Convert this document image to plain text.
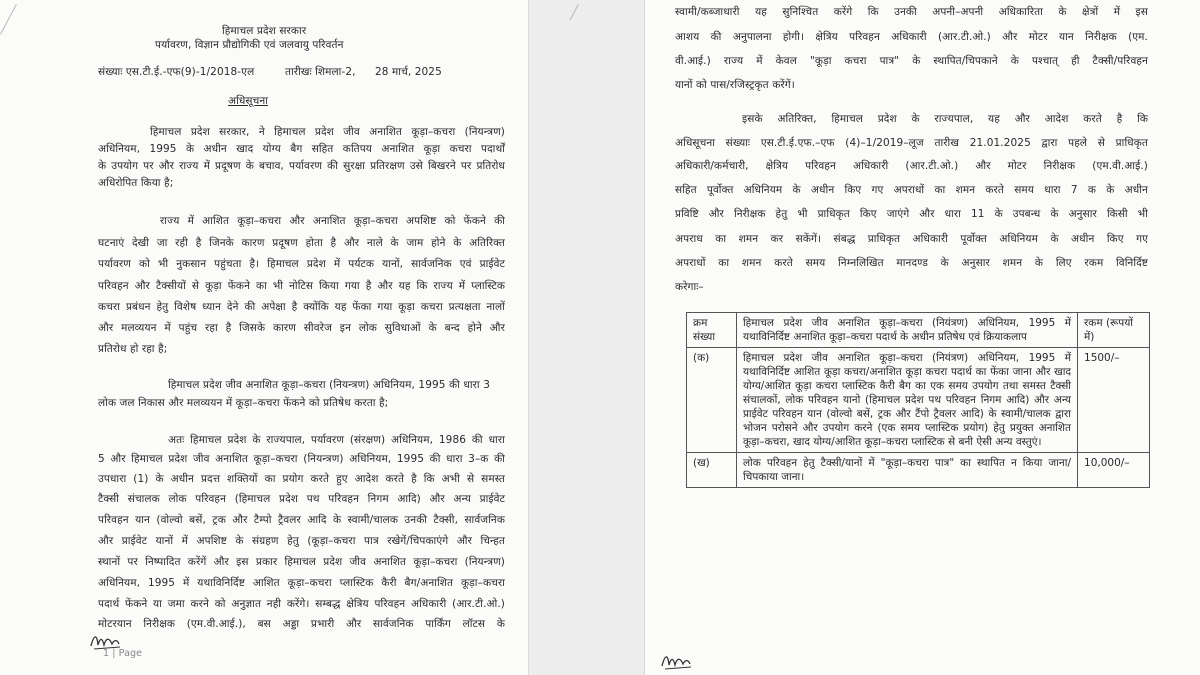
हिमाचल प्रदेश सरकार
पर्यावरण, विज्ञान प्रौद्योगिकी एवं जलवायु परिवर्तन
संख्याः एस.टी.ई.-एफ(9)-1/2018-एल	तारीखः शिमला-2, 28 मार्च, 2025
अधिसूचना
हिमाचल प्रदेश सरकार, ने हिमाचल प्रदेश जीव अनाशित कूड़ा–कचरा (नियन्त्रण)
अधिनियम, 1995 के अधीन खाद योग्य बैग सहित कतिपय अनाशित कूड़ा कचरा पदार्थों
के उपयोग पर और राज्य में प्रदूषण के बचाव, पर्यावरण की सुरक्षा प्रतिरक्षण उसे बिखरने पर प्रतिरोध
अधिरोपित किया है;
राज्य में आशित कूड़ा–कचरा और अनाशित कूड़ा–कचरा अपशिष्ट को फेंकने की
घटनाएं देखी जा रही है जिनके कारण प्रदूषण होता है और नाले के जाम होने के अतिरिक्त
पर्यावरण को भी नुकसान पहुंचता है। हिमाचल प्रदेश में पर्यटक यानों, सार्वजनिक एवं प्राईवेट
परिवहन और टैक्सीयों से कूड़ा फेंकने का भी नोटिस किया गया है और यह कि राज्य में प्लास्टिक
कचरा प्रबंधन हेतु विशेष ध्यान देने की अपेक्षा है क्योंकि यह फेंका गया कूड़ा कचरा प्रत्यक्षता नालों
और मलव्ययन में पहुंच रहा है जिसके कारण सीवरेज इन लोक सुविधाओं के बन्द होने और
प्रतिरोध हो रहा है;
हिमाचल प्रदेश जीव अनाशित कूड़ा–कचरा (नियन्त्रण) अधिनियम, 1995 की धारा 3
लोक जल निकास और मलव्ययन में कूड़ा–कचरा फेंकने को प्रतिषेध करता है;
अतः हिमाचल प्रदेश के राज्यपाल, पर्यावरण (संरक्षण) अधिनियम, 1986 की धारा
5 और हिमाचल प्रदेश जीव अनाशित कूड़ा–कचरा (नियन्त्रण) अधिनियम, 1995 की धारा 3–क की
उपधारा (1) के अधीन प्रदत्त शक्तियों का प्रयोग करते हुए आदेश करते है कि अभी से समस्त
टैक्सी संचालक लोक परिवहन (हिमाचल प्रदेश पथ परिवहन निगम आदि) और अन्य प्राईवेट
परिवहन यान (वोल्वो बसें, ट्रक और टैम्पो ट्रैवलर आदि के स्वामी/चालक उनकी टैक्सी, सार्वजनिक
और प्राईवेट यानों में अपशिष्ट के संग्रहण हेतु (कूड़ा–कचरा पात्र रखेगें/चिपकाएंगे और चिन्हत
स्थानों पर निष्पादित करेंगें और इस प्रकार हिमाचल प्रदेश जीव अनाशित कूड़ा–कचरा (नियन्त्रण)
अधिनियम, 1995 में यथाविनिर्दिष्ट आशित कूड़ा–कचरा प्लास्टिक कैरी बैग/अनाशित कूड़ा–कचरा
पदार्थ फेंकने या जमा करने को अनुज्ञात नही करेंगे। सम्बद्ध क्षेत्रिय परिवहन अधिकारी (आर.टी.ओ.)
मोटरयान निरीक्षक (एम.वी.आई.), बस अड्डा प्रभारी और सार्वजनिक पार्किंग लॉटस के
1 | Page
स्वामी/कब्जाधारी यह सुनिश्चित करेंगे कि उनकी अपनी–अपनी अधिकारिता के क्षेत्रों में इस
आशय की अनुपालना होगी। क्षेत्रिय परिवहन अधिकारी (आर.टी.ओ.) और मोटर यान निरीक्षक (एम.
वी.आई.) राज्य में केवल "कूड़ा कचरा पात्र" के स्थापित/चिपकाने के पश्चात् ही टैक्सी/परिवहन
यानों को पास/रजिस्ट्रकृत करेंगें।
इसके अतिरिक्त, हिमाचल प्रदेश के राज्यपाल, यह और आदेश करते है कि
अधिसूचना संख्याः एस.टी.ई.एफ.–एफ (4)–1/2019–लूज तारीख 21.01.2025 द्वारा पहले से प्राधिकृत
अधिकारी/कर्मचारी, क्षेत्रिय परिवहन अधिकारी (आर.टी.ओ.) और मोटर निरीक्षक (एम.वी.आई.)
सहित पूर्वोक्त अधिनियम के अधीन किए गए अपराधों का शमन करते समय धारा 7 क के अधीन
प्रविष्टि और निरीक्षक हेतु भी प्राधिकृत किए जाएंगे और धारा 11 के उपबन्ध के अनुसार किसी भी
अपराध का शमन कर सकेंगें। संबद्ध प्राधिकृत अधिकारी पूर्वोक्त अधिनियम के अधीन किए गए
अपराधों का शमन करते समय निम्नलिखित मानदण्ड के अनुसार शमन के लिए रकम विनिर्दिष्ट
करेगाः–
क्रम संख्या	हिमाचल प्रदेश जीव अनाशित कूड़ा–कचरा (नियंत्रण) अधिनियम, 1995 में यथाविनिर्दिष्ट अनाशित कूड़ा–कचरा पदार्थ के अधीन प्रतिषेध एवं क्रियाकलाप	रकम (रूपयों में)
(क)	हिमाचल प्रदेश जीव अनाशित कूड़ा–कचरा (नियंत्रण) अधिनियम, 1995 में यथाविनिर्दिष्ट आशित कूड़ा कचरा/अनाशित कूड़ा कचरा पदार्थ का फेंका जाना और खाद योग्य/आशित कूड़ा कचरा प्लास्टिक कैरी बैग का एक समय उपयोग तथा समस्त टैक्सी संचालकों, लोक परिवहन यानो (हिमाचल प्रदेश पथ परिवहन निगम आदि) और अन्य प्राईवेट परिवहन यान (वोल्वो बसें, ट्रक और टैंपो ट्रैवलर आदि) के स्वामी/चालक द्वारा भोजन परोसने और उपयोग करने (एक समय प्लास्टिक प्रयोग) हेतु प्रयुक्त अनाशित कूड़ा–कचरा, खाद योग्य/आशित कूड़ा–कचरा प्लास्टिक से बनी ऐसी अन्य वस्तुएं।	1500/–
(ख)	लोक परिवहन हेतु टैक्सी/यानों में "कूड़ा–कचरा पात्र" का स्थापित न किया जाना/चिपकाया जाना।	10,000/–
